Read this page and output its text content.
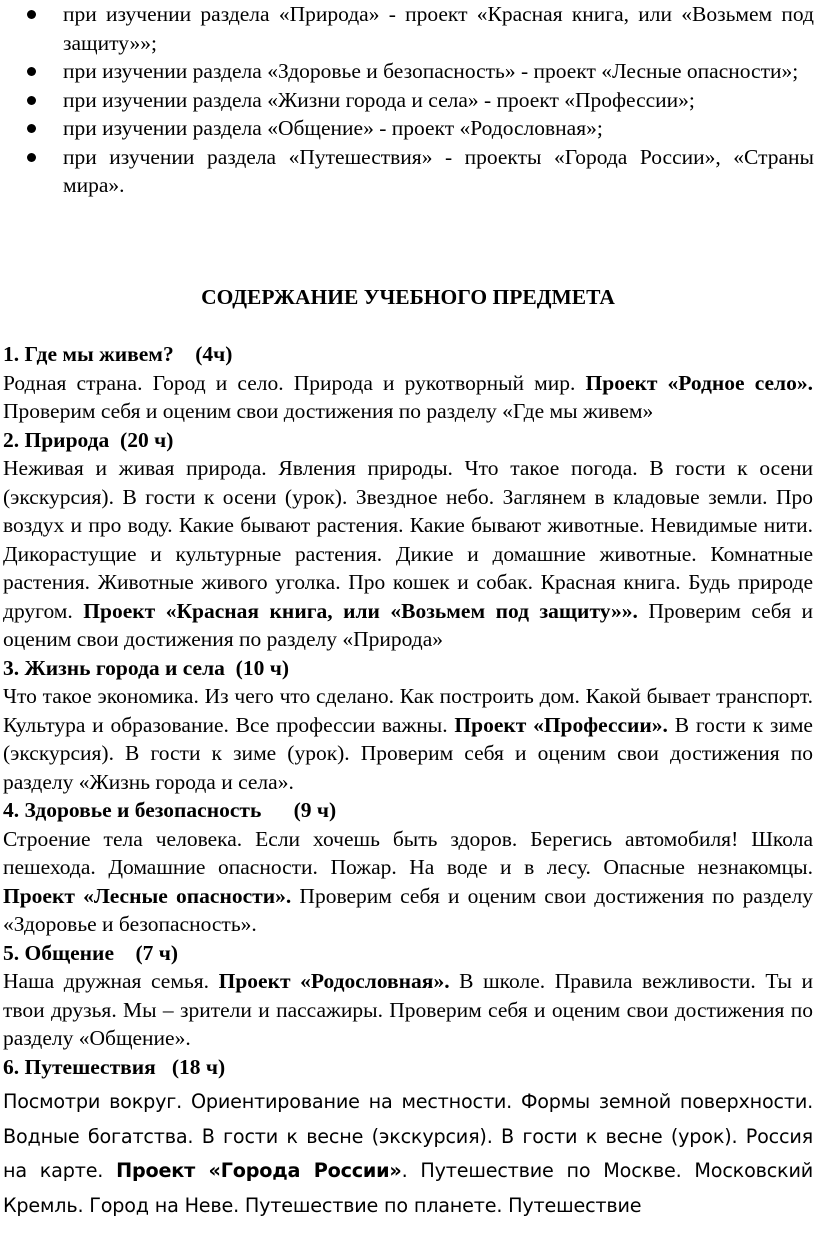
при изучении раздела «Природа» - проект «Красная книга, или «Возьмем под защиту»»;
при изучении раздела «Здоровье и безопасность» - проект «Лесные опасности»;
при изучении раздела «Жизни города и села» - проект «Профессии»;
при изучении раздела «Общение» - проект «Родословная»;
при изучении раздела «Путешествия» - проекты «Города России», «Страны мира».
СОДЕРЖАНИЕ УЧЕБНОГО ПРЕДМЕТА
1. Где мы живем?    (4ч)
Родная страна. Город и село. Природа и рукотворный мир. Проект «Родное село». Проверим себя и оценим свои достижения по разделу «Где мы живем»
2. Природа  (20 ч)
Неживая и живая природа. Явления природы. Что такое погода. В гости к осени (экскурсия). В гости к осени (урок). Звездное небо. Заглянем в кладовые земли. Про воздух и про воду. Какие бывают растения. Какие бывают животные. Невидимые нити. Дикорастущие и культурные растения. Дикие и домашние животные. Комнатные растения. Животные живого уголка. Про кошек и собак. Красная книга. Будь природе другом. Проект «Красная книга, или «Возьмем под защиту»». Проверим себя и оценим свои достижения по разделу «Природа»
3. Жизнь города и села  (10 ч)
Что такое экономика. Из чего что сделано. Как построить дом. Какой бывает транспорт. Культура и образование. Все профессии важны. Проект «Профессии». В гости к зиме (экскурсия). В гости к зиме (урок). Проверим себя и оценим свои достижения по разделу «Жизнь города и села».
4. Здоровье и безопасность      (9 ч)
Строение тела человека. Если хочешь быть здоров. Берегись автомобиля! Школа пешехода. Домашние опасности. Пожар. На воде и в лесу. Опасные незнакомцы. Проект «Лесные опасности». Проверим себя и оценим свои достижения по разделу «Здоровье и безопасность».
5. Общение    (7 ч)
Наша дружная семья. Проект «Родословная». В школе. Правила вежливости. Ты и твои друзья. Мы – зрители и пассажиры. Проверим себя и оценим свои достижения по разделу «Общение».
6. Путешествия   (18 ч)
Посмотри вокруг. Ориентирование на местности. Формы земной поверхности. Водные богатства. В гости к весне (экскурсия). В гости к весне (урок). Россия на карте. Проект «Города России». Путешествие по Москве. Московский Кремль. Город на Неве. Путешествие по планете. Путешествие
